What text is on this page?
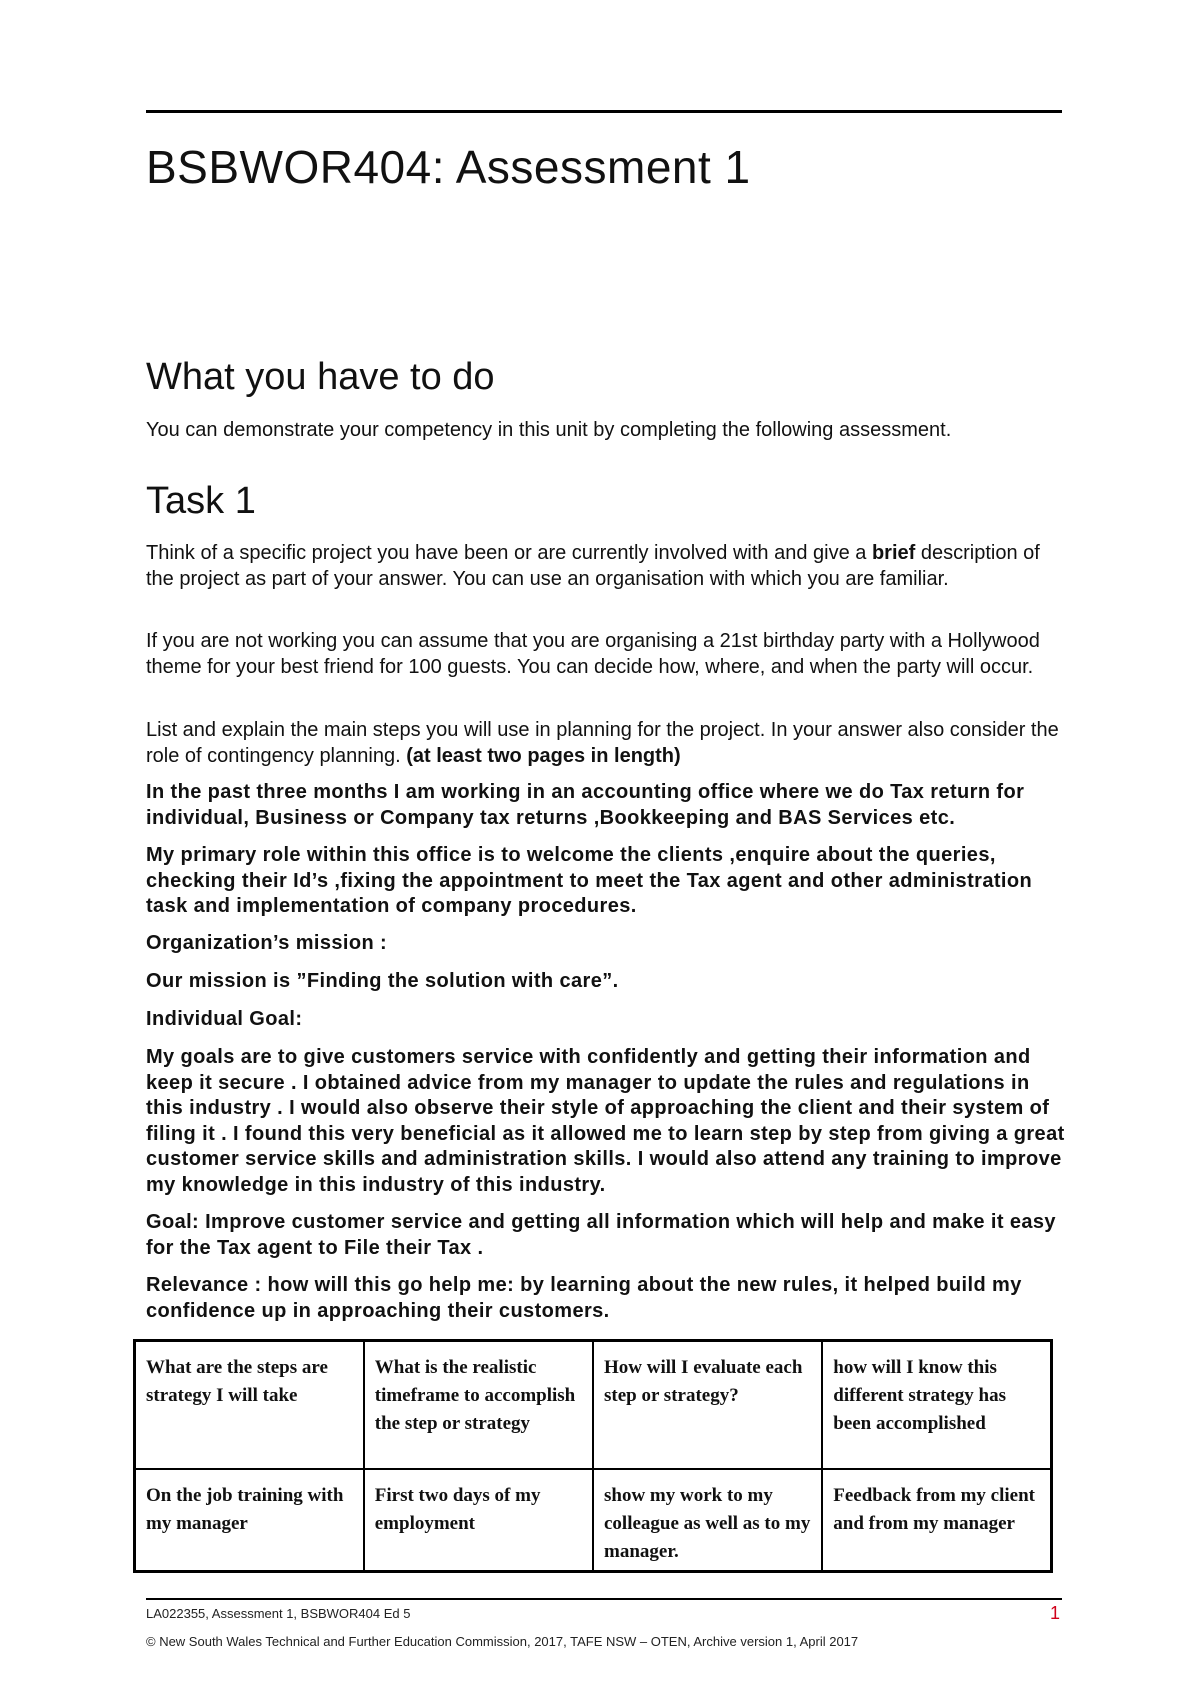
BSBWOR404: Assessment 1
What you have to do

You can demonstrate your competency in this unit by completing the following assessment.

Task 1

Think of a specific project you have been or are currently involved with and give a brief description of the project as part of your answer. You can use an organisation with which you are familiar.

If you are not working you can assume that you are organising a 21st birthday party with a Hollywood theme for your best friend for 100 guests. You can decide how, where, and when the party will occur.

List and explain the main steps you will use in planning for the project. In your answer also consider the role of contingency planning. (at least two pages in length)

In the past three months I am working in an accounting office where we do Tax return for individual, Business or Company tax returns ,Bookkeeping and BAS Services etc.

My primary role within this office is to welcome the clients ,enquire about the queries, checking their Id’s ,fixing the appointment to meet the Tax agent and other administration task and implementation of company procedures.

Organization’s mission :

Our mission is ”Finding the solution with care”.

Individual Goal:

My goals are to give customers service with confidently and getting their information and keep it secure . I obtained advice from my manager to update the rules and regulations in this industry . I would also observe their style of approaching the client and their system of filing it . I found this very beneficial as it allowed me to learn step by step from giving a great customer service skills and administration skills. I would also attend any training to improve my knowledge in this industry of this industry.

Goal: Improve customer service and getting all information which will help and make it easy for the Tax agent to File their Tax .

Relevance : how will this go help me: by learning about the new rules, it helped build my confidence up in approaching their customers.

What are the steps are strategy I will take	What is the realistic timeframe to accomplish the step or strategy	How will I evaluate each step or strategy?	how will I know this different strategy has been accomplished
On the job training with my manager	First two days of my employment	show my work to my colleague as well as to my manager.	Feedback from my client and from my manager

LA022355, Assessment 1, BSBWOR404 Ed 5	1

© New South Wales Technical and Further Education Commission, 2017, TAFE NSW – OTEN, Archive version 1, April 2017
